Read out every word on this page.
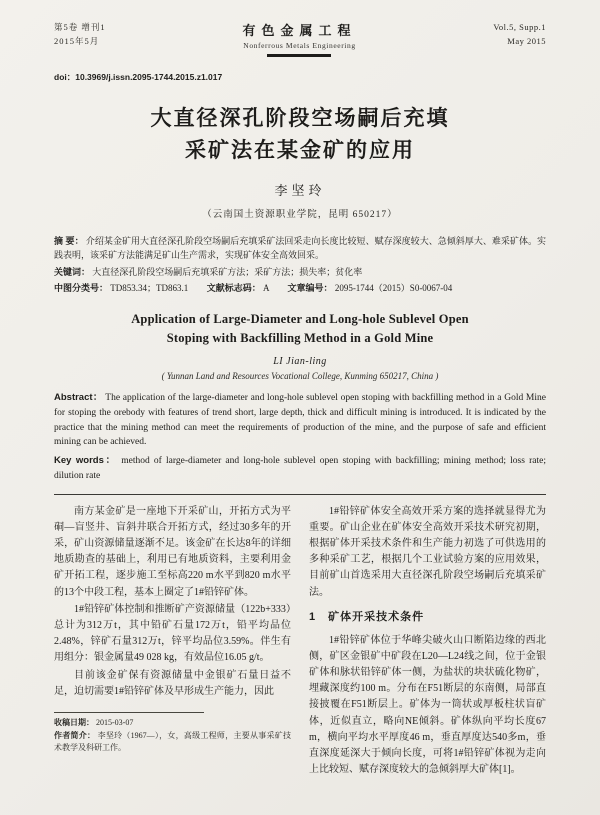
第5卷 增刊1
2015年5月
有色金属工程
Nonferrous Metals Engineering
Vol.5, Supp.1
May 2015
doi：10.3969/j.issn.2095-1744.2015.z1.017
大直径深孔阶段空场嗣后充填
采矿法在某金矿的应用
李坚玲
（云南国土资源职业学院，昆明 650217）
摘 要： 介绍某金矿用大直径深孔阶段空场嗣后充填采矿法回采走向长度比较短、赋存深度较大、急倾斜厚大、难采矿体。实践表明，该采矿方法能满足矿山生产需求，实现矿体安全高效回采。
关键词： 大直径深孔阶段空场嗣后充填采矿方法；采矿方法；损失率；贫化率
中图分类号： TD853.34；TD863.1 文献标志码： A 文章编号： 2095-1744（2015）S0-0067-04
Application of Large-Diameter and Long-hole Sublevel Open
Stoping with Backfilling Method in a Gold Mine
LI Jian-ling
( Yunnan Land and Resources Vocational College, Kunming 650217, China )
Abstract： The application of the large-diameter and long-hole sublevel open stoping with backfilling method in a Gold Mine for stoping the orebody with features of trend short, large depth, thick and difficult mining is introduced. It is indicated by the practice that the mining method can meet the requirements of production of the mine, and the purpose of safe and efficient mining can be achieved.
Key words： method of large-diameter and long-hole sublevel open stoping with backfilling; mining method; loss rate; dilution rate

南方某金矿是一座地下开采矿山，开拓方式为平硐—盲竖井、盲斜井联合开拓方式，经过30多年的开采，矿山资源储量逐渐不足。该金矿在长达8年的详细地质勘查的基础上，利用已有地质资料，主要利用金矿开拓工程，逐步施工至标高220 m水平到820 m水平的13个中段工程，基本上圈定了1#铅锌矿体。

1#铅锌矿体控制和推断矿产资源储量（122b+333）总计为312万t，其中铅矿石量172万t，铅平均品位2.48%，锌矿石量312万t，锌平均品位3.59%。伴生有用组分：银金属量49 028 kg，有效品位16.05 g/t。

目前该金矿保有资源储量中金银矿石量日益不足，迫切需要1#铅锌矿体及早形成生产能力，因此

收稿日期： 2015-03-07
作者简介： 李坚玲（1967—），女，高级工程师，主要从事采矿技术教学及科研工作。

1#铅锌矿体安全高效开采方案的选择就显得尤为重要。矿山企业在矿体安全高效开采技术研究初期，根据矿体开采技术条件和生产能力初选了可供选用的多种采矿工艺，根据几个工业试验方案的应用效果，目前矿山首选采用大直径深孔阶段空场嗣后充填采矿法。

1　矿体开采技术条件

1#铅锌矿体位于华峰尖破火山口断陷边缘的西北侧，矿区金银矿中矿段在L20—L24线之间，位于金银矿体和脉状铅锌矿体一侧，为盐状的块状硫化物矿，埋藏深度约100 m。分布在F51断层的东南侧，局部直接披覆在F51断层上。矿体为一筒状或厚板柱状盲矿体，近似直立，略向NE倾斜。矿体纵向平均长度67 m，横向平均水平厚度46 m，垂直厚度达540多m，垂直深度延深大于倾向长度，可将1#铅锌矿体视为走向上比较短、赋存深度较大的急倾斜厚大矿体[1]。
